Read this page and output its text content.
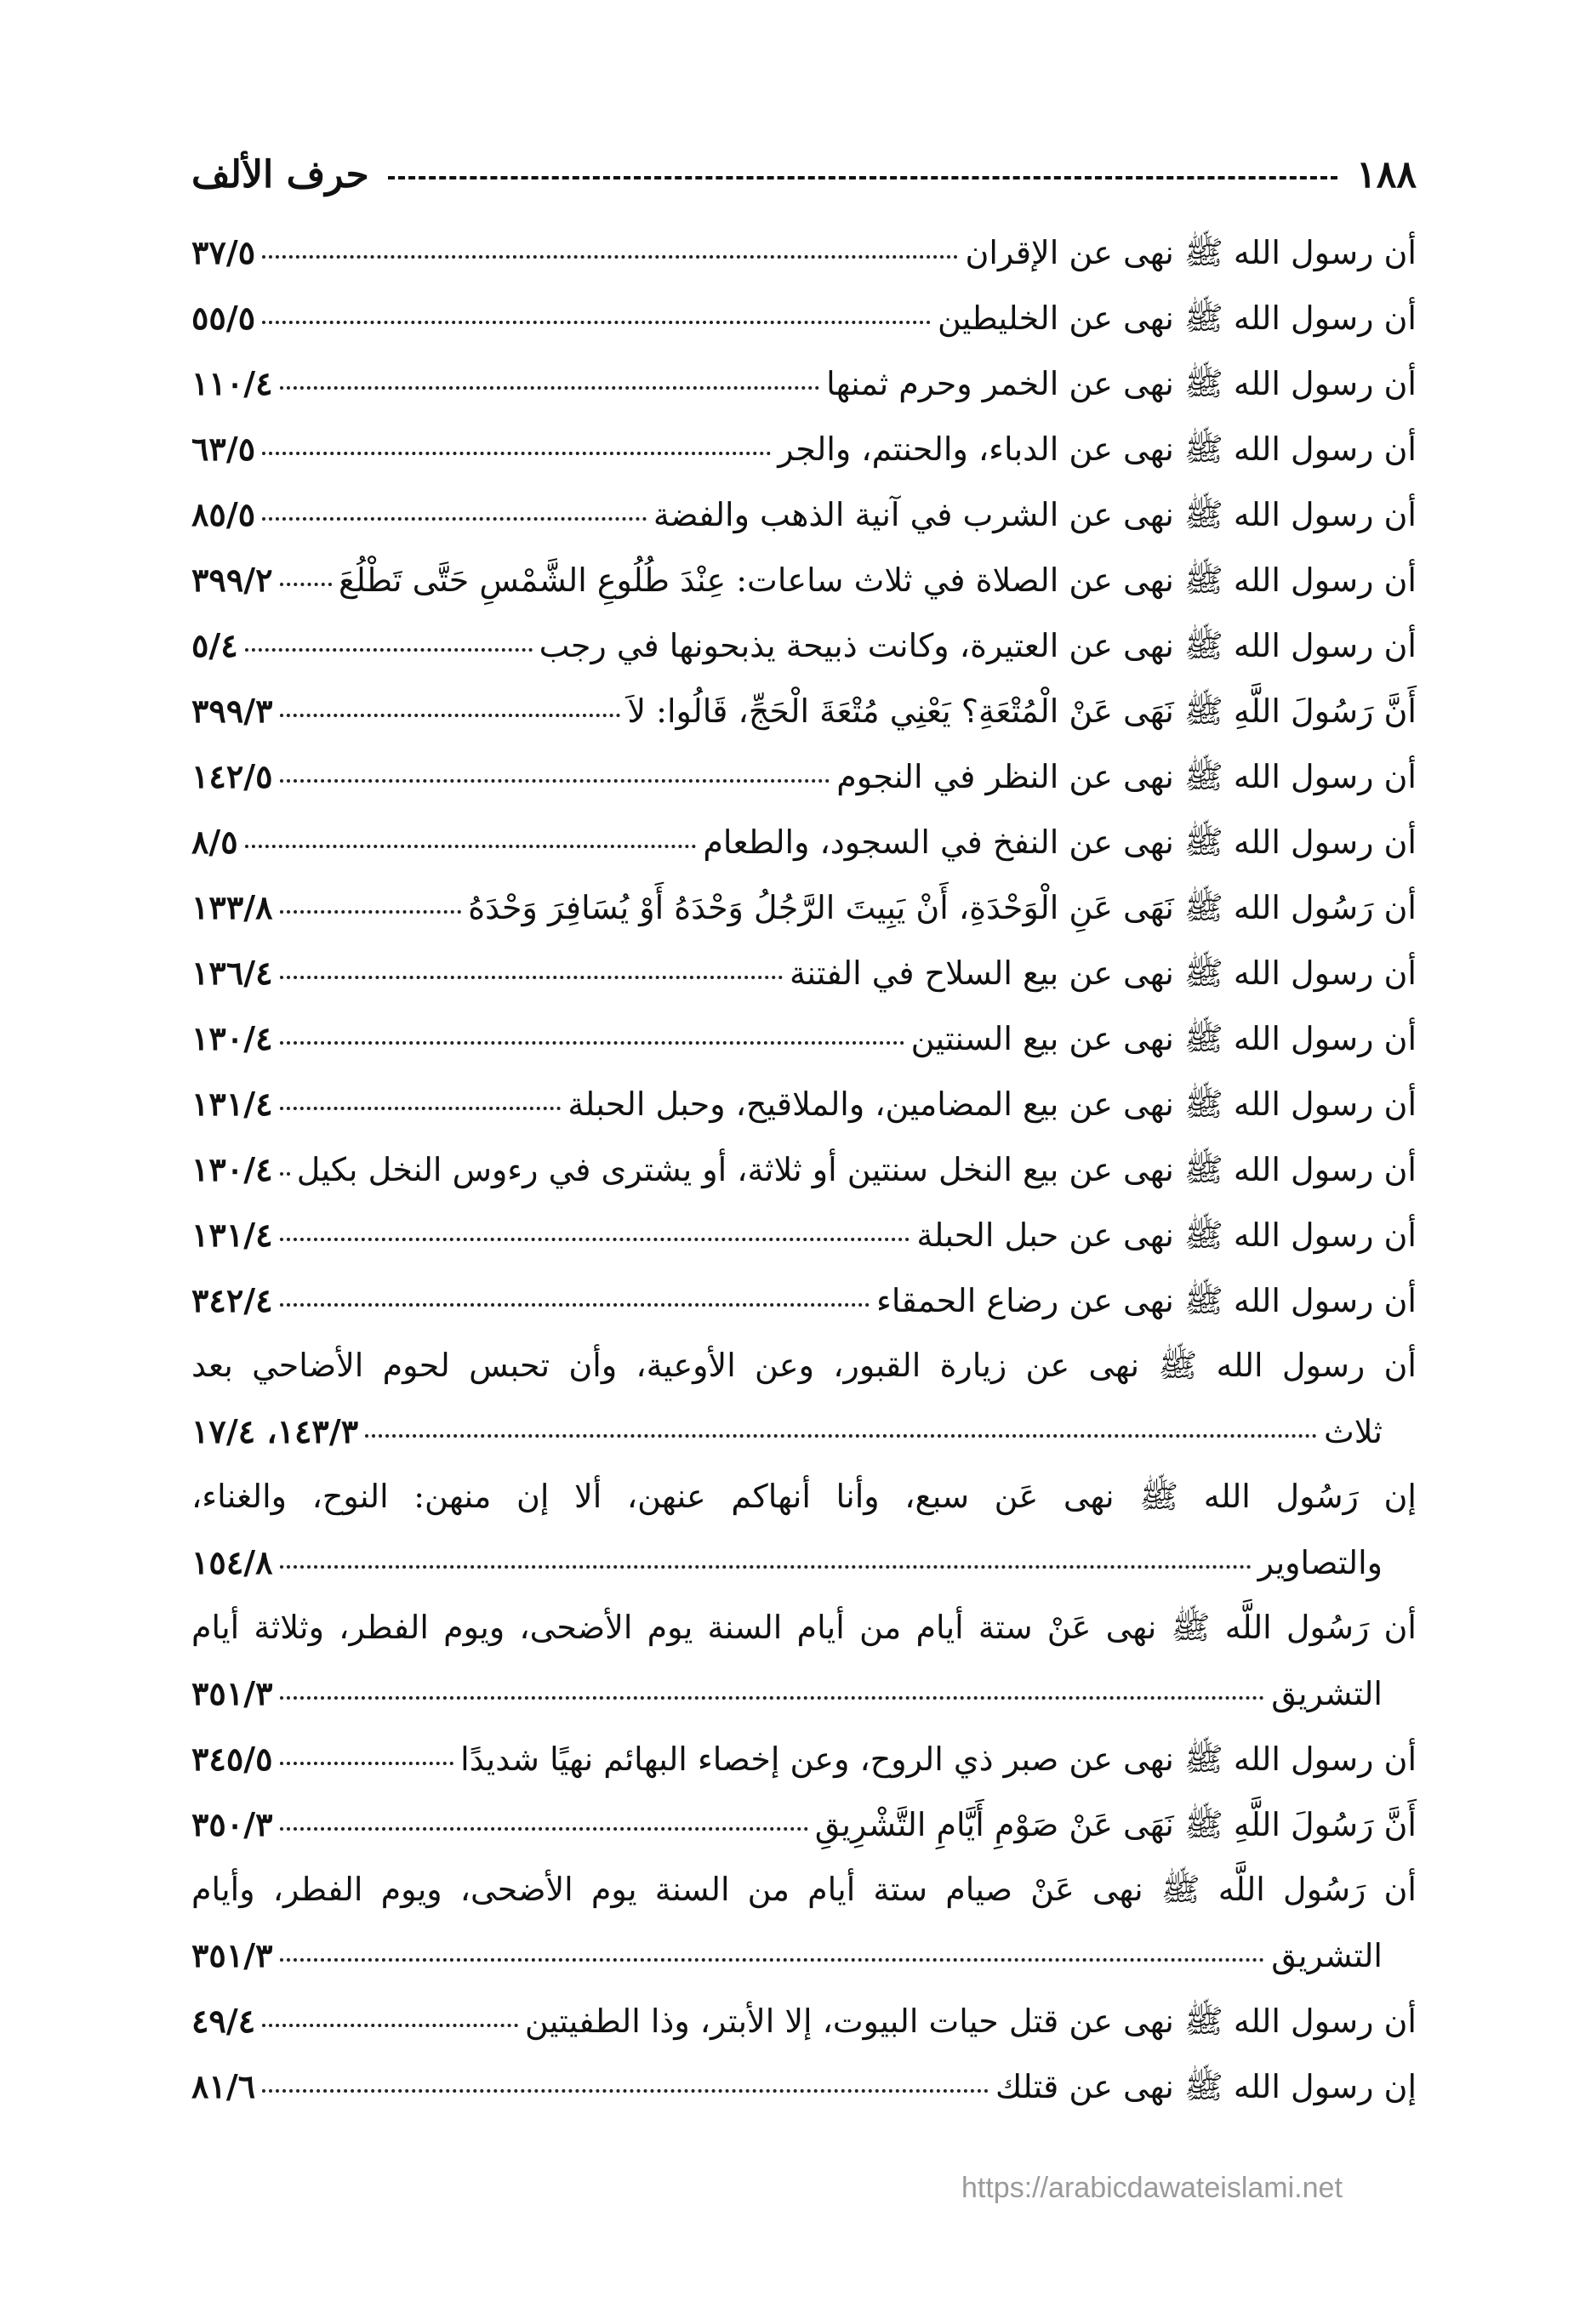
١٨٨
حرف الألف
أن رسول الله ﷺ نهى عن الإقران
٣٧/٥
أن رسول الله ﷺ نهى عن الخليطين
٥٥/٥
أن رسول الله ﷺ نهى عن الخمر وحرم ثمنها
١١٠/٤
أن رسول الله ﷺ نهى عن الدباء، والحنتم، والجر
٦٣/٥
أن رسول الله ﷺ نهى عن الشرب في آنية الذهب والفضة
٨٥/٥
أن رسول الله ﷺ نهى عن الصلاة في ثلاث ساعات: عِنْدَ طُلُوعِ الشَّمْسِ حَتَّى تَطْلُعَ
٣٩٩/٢
أن رسول الله ﷺ نهى عن العتيرة، وكانت ذبيحة يذبحونها في رجب
٥/٤
أَنَّ رَسُولَ اللَّهِ ﷺ نَهَى عَنْ الْمُتْعَةِ؟ يَعْنِي مُتْعَةَ الْحَجِّ، قَالُوا: لاَ
٣٩٩/٣
أن رسول الله ﷺ نهى عن النظر في النجوم
١٤٢/٥
أن رسول الله ﷺ نهى عن النفخ في السجود، والطعام
٨/٥
أن رَسُول الله ﷺ نَهَى عَنِ الْوَحْدَةِ، أَنْ يَبِيتَ الرَّجُلُ وَحْدَهُ أَوْ يُسَافِرَ وَحْدَهُ
١٣٣/٨
أن رسول الله ﷺ نهى عن بيع السلاح في الفتنة
١٣٦/٤
أن رسول الله ﷺ نهى عن بيع السنتين
١٣٠/٤
أن رسول الله ﷺ نهى عن بيع المضامين، والملاقيح، وحبل الحبلة
١٣١/٤
أن رسول الله ﷺ نهى عن بيع النخل سنتين أو ثلاثة، أو يشترى في رءوس النخل بكيل
١٣٠/٤
أن رسول الله ﷺ نهى عن حبل الحبلة
١٣١/٤
أن رسول الله ﷺ نهى عن رضاع الحمقاء
٣٤٢/٤
أن رسول الله ﷺ نهى عن زيارة القبور، وعن الأوعية، وأن تحبس لحوم الأضاحي بعد
ثلاث
١٤٣/٣، ١٧/٤
إن رَسُول الله ﷺ نهى عَن سبع، وأنا أنهاكم عنهن، ألا إن منهن: النوح، والغناء،
والتصاوير
١٥٤/٨
أن رَسُول اللَّه ﷺ نهى عَنْ ستة أيام من أيام السنة يوم الأضحى، ويوم الفطر، وثلاثة أيام
التشريق
٣٥١/٣
أن رسول الله ﷺ نهى عن صبر ذي الروح، وعن إخصاء البهائم نهيًا شديدًا
٣٤٥/٥
أَنَّ رَسُولَ اللَّهِ ﷺ نَهَى عَنْ صَوْمِ أَيَّامِ التَّشْرِيقِ
٣٥٠/٣
أن رَسُول اللَّه ﷺ نهى عَنْ صيام ستة أيام من السنة يوم الأضحى، ويوم الفطر، وأيام
التشريق
٣٥١/٣
أن رسول الله ﷺ نهى عن قتل حيات البيوت، إلا الأبتر، وذا الطفيتين
٤٩/٤
إن رسول الله ﷺ نهى عن قتلك
٨١/٦
https://arabicdawateislami.net
